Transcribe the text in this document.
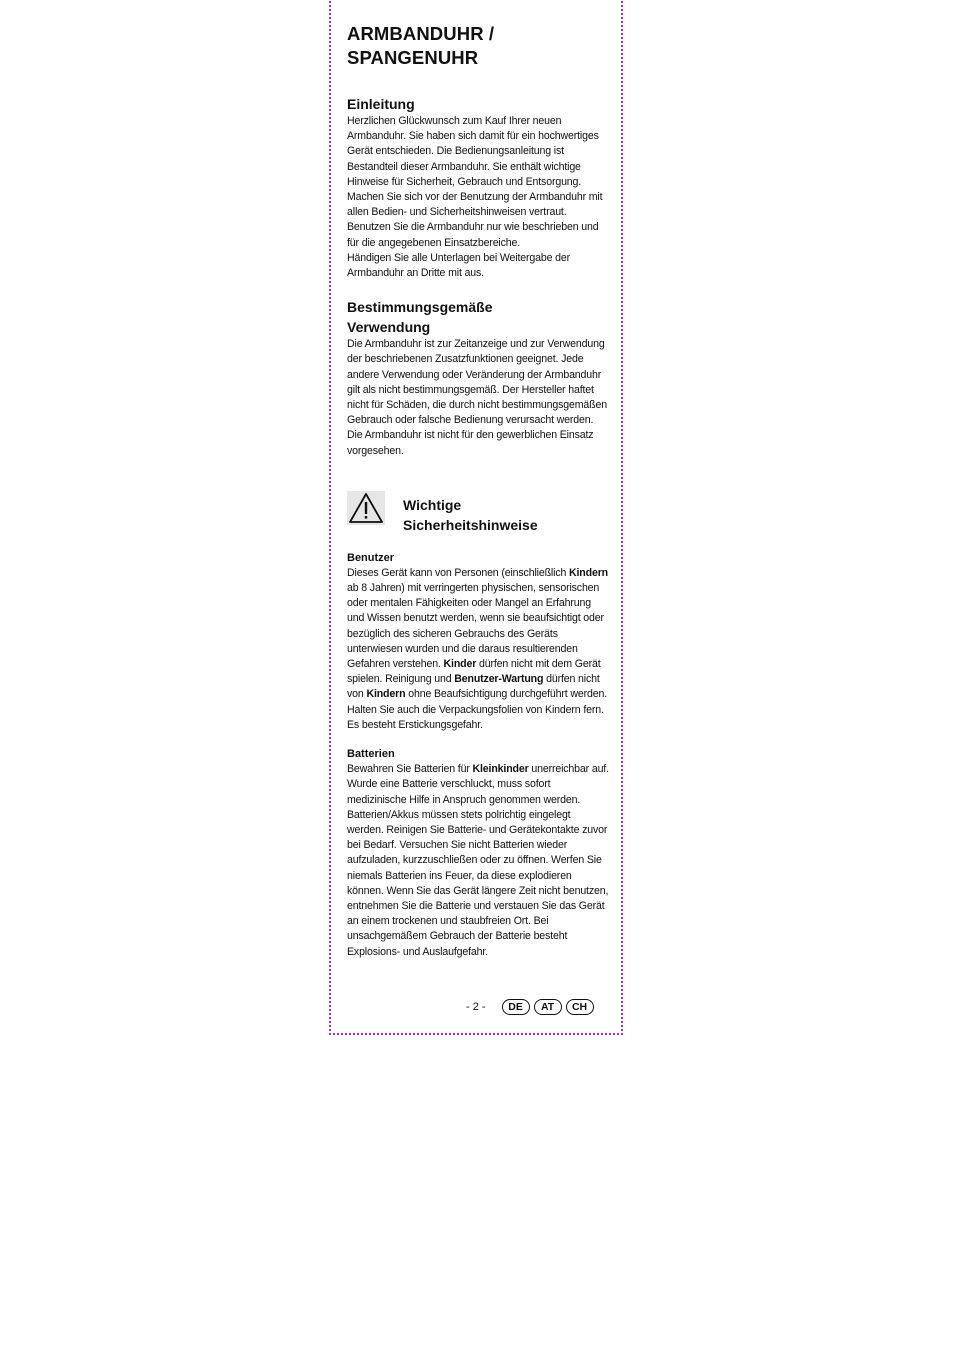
ARMBANDUHR /
SPANGENUHR
Einleitung

Herzlichen Glückwunsch zum Kauf Ihrer neuen Armbanduhr. Sie haben sich damit für ein hochwertiges Gerät entschieden. Die Bedienungsanleitung ist Bestandteil dieser Armbanduhr. Sie enthält wichtige Hinweise für Sicherheit, Gebrauch und Entsorgung. Machen Sie sich vor der Benutzung der Armbanduhr mit allen Bedien- und Sicherheitshinweisen vertraut. Benutzen Sie die Armbanduhr nur wie beschrieben und für die angegebenen Einsatzbereiche.

Händigen Sie alle Unterlagen bei Weitergabe der Armbanduhr an Dritte mit aus.

Bestimmungsgemäße
Verwendung

Die Armbanduhr ist zur Zeitanzeige und zur Verwendung der beschriebenen Zusatzfunktionen geeignet. Jede andere Verwendung oder Veränderung der Armbanduhr gilt als nicht bestimmungsgemäß. Der Hersteller haftet nicht für Schäden, die durch nicht bestimmungsgemäßen Gebrauch oder falsche Bedienung verursacht werden. Die Armbanduhr ist nicht für den gewerblichen Einsatz vorgesehen.

Wichtige
Sicherheitshinweise
Benutzer

Dieses Gerät kann von Personen (einschließlich Kindern ab 8 Jahren) mit verringerten physischen, sensorischen oder mentalen Fähigkeiten oder Mangel an Erfahrung und Wissen benutzt werden, wenn sie beaufsichtigt oder bezüglich des sicheren Gebrauchs des Geräts unterwiesen wurden und die daraus resultierenden Gefahren verstehen. Kinder dürfen nicht mit dem Gerät spielen. Reinigung und Benutzer-Wartung dürfen nicht von Kindern ohne Beaufsichtigung durchgeführt werden. Halten Sie auch die Verpackungsfolien von Kindern fern. Es besteht Erstickungsgefahr.

Batterien

Bewahren Sie Batterien für Kleinkinder unerreichbar auf. Wurde eine Batterie verschluckt, muss sofort medizinische Hilfe in Anspruch genommen werden. Batterien/Akkus müssen stets polrichtig eingelegt werden. Reinigen Sie Batterie- und Gerätekontakte zuvor bei Bedarf. Versuchen Sie nicht Batterien wieder aufzuladen, kurzzuschließen oder zu öffnen. Werfen Sie niemals Batterien ins Feuer, da diese explodieren können. Wenn Sie das Gerät längere Zeit nicht benutzen, entnehmen Sie die Batterie und verstauen Sie das Gerät an einem trockenen und staubfreien Ort. Bei unsachgemäßem Gebrauch der Batterie besteht Explosions- und Auslaufgefahr.

- 2 -	DE	AT	CH
